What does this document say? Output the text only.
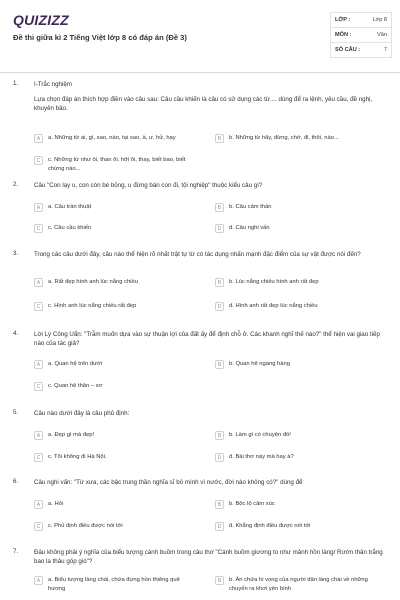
QUIZIZZ
Đề thi giữa kì 2 Tiếng Việt lớp 8 có đáp án (Đề 3)
LỚP :	Lớp 8
MÔN :	Văn
SỐ CÂU :	7
1.	I-Trắc nghiệm
Lựa chọn đáp án thích hợp điền vào câu sau: Câu cầu khiến là câu có sử dụng các từ.... dùng để ra lệnh, yêu cầu, đề nghị, khuyên bảo.
A	a. Những từ ai, gì, sao, nào, tại sao, à, ư, hử, hay	B	b. Những từ hãy, đừng, chớ, đi, thôi, nào...
C	c. Những từ như ôi, than ôi, hỡi ôi, thay, biết bao, biết chừng nào...
2.	Câu "Con lạy u, con còn bé bỏng, u đừng bán con đi, tội nghiệp" thuộc kiểu câu gì?
A	a. Câu trần thuật	B	b. Câu cảm thán
C	c. Câu cầu khiến	D	d. Câu nghi vấn
3.	Trong các câu dưới đây, câu nào thể hiện rõ nhất trật tự từ có tác dụng nhấn mạnh đặc điểm của sự vật được nói đến?
A	a. Rất đẹp hình anh lúc nắng chiều	B	b. Lúc nắng chiều hình anh rất đẹp
C	c. Hình anh lúc nắng chiều rất đẹp	D	d. Hình anh rất đẹp lúc nắng chiều
4.	Lời Lý Công Uẩn: "Trẫm muốn dựa vào sự thuận lợi của đất ấy để định chỗ ở. Các khanh nghĩ thế nào?" thể hiện vai giao tiếp nào của tác giả?
A	a. Quan hệ trên dưới	B	b. Quan hệ ngang hàng
C	c. Quan hệ thân – sơ
5.	Câu nào dưới đây là câu phủ định:
A	a. Đẹp gì mà đẹp!	B	b. Làm gì có chuyện đó!
C	c. Tôi không đi Hà Nội.	D	d. Bài thơ này mà hay à?
6.	Câu nghi vấn: "Từ xưa, các bậc trung thần nghĩa sĩ bỏ mình vì nước, đời nào không có?" dùng để
A	a. Hỏi	B	b. Bộc lộ cảm xúc
C	c. Phủ định điều được nói tới	D	d. Khẳng định điều được nói tới
7.	Đâu không phải ý nghĩa của biểu tượng cánh buồm trong câu thơ "Cánh buồm giương to như mảnh hồn làng/ Rướn thân trắng bao la thâu góp gió"?
A	a. Biểu tượng làng chài, chứa đựng hồn thiêng quê hương
B	b. Ẩn chứa hi vọng của người dân làng chài về những chuyến ra khơi yên bình
